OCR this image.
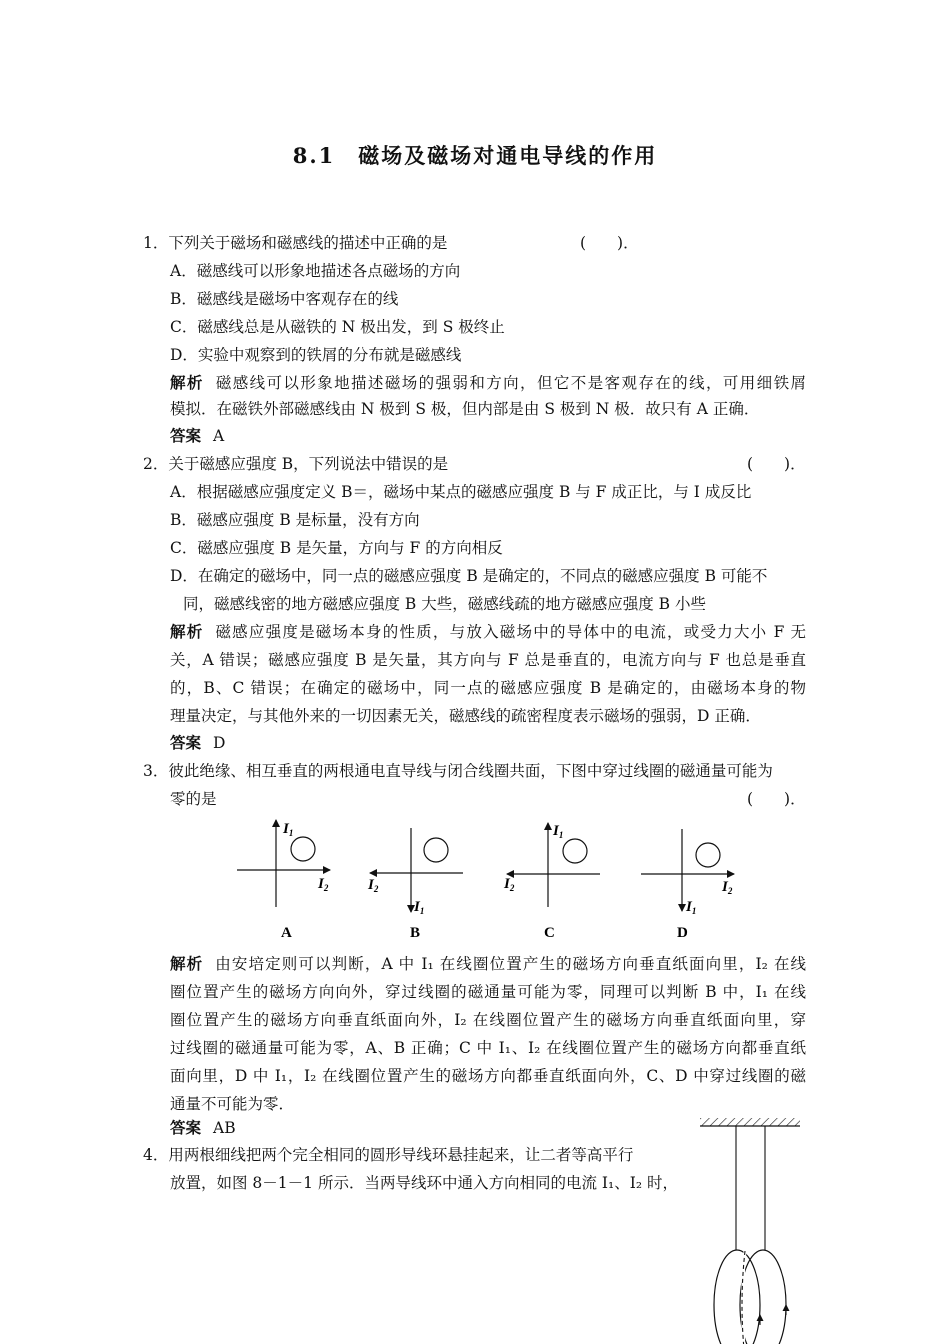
8.1　磁场及磁场对通电导线的作用
1．下列关于磁场和磁感线的描述中正确的是	(　　)．
A．磁感线可以形象地描述各点磁场的方向
B．磁感线是磁场中客观存在的线
C．磁感线总是从磁铁的 N 极出发，到 S 极终止
D．实验中观察到的铁屑的分布就是磁感线
解析 磁感线可以形象地描述磁场的强弱和方向，但它不是客观存在的线，可用细铁屑
模拟．在磁铁外部磁感线由 N 极到 S 极，但内部是由 S 极到 N 极．故只有 A 正确．
答案 A
2．关于磁感应强度 B，下列说法中错误的是	(　　)．
A．根据磁感应强度定义 B＝，磁场中某点的磁感应强度 B 与 F 成正比，与 I 成反比
B．磁感应强度 B 是标量，没有方向
C．磁感应强度 B 是矢量，方向与 F 的方向相反
D．在确定的磁场中，同一点的磁感应强度 B 是确定的，不同点的磁感应强度 B 可能不
同，磁感线密的地方磁感应强度 B 大些，磁感线疏的地方磁感应强度 B 小些
解析 磁感应强度是磁场本身的性质，与放入磁场中的导体中的电流，或受力大小 F 无
关，A 错误；磁感应强度 B 是矢量，其方向与 F 总是垂直的，电流方向与 F 也总是垂直
的，B、C 错误；在确定的磁场中，同一点的磁感应强度 B 是确定的，由磁场本身的物
理量决定，与其他外来的一切因素无关，磁感线的疏密程度表示磁场的强弱，D 正确．
答案 D
3．彼此绝缘、相互垂直的两根通电直导线与闭合线圈共面，下图中穿过线圈的磁通量可能为
零的是	(　　)．
$I_1$
$I_2$
A
$I_2$
$I_1$
B
$I_1$
$I_2$
C
$I_2$
$I_1$
D
解析 由安培定则可以判断，A 中 I₁ 在线圈位置产生的磁场方向垂直纸面向里，I₂ 在线
圈位置产生的磁场方向向外，穿过线圈的磁通量可能为零，同理可以判断 B 中，I₁ 在线
圈位置产生的磁场方向垂直纸面向外，I₂ 在线圈位置产生的磁场方向垂直纸面向里，穿
过线圈的磁通量可能为零，A、B 正确；C 中 I₁、I₂ 在线圈位置产生的磁场方向都垂直纸
面向里，D 中 I₁，I₂ 在线圈位置产生的磁场方向都垂直纸面向外，C、D 中穿过线圈的磁
通量不可能为零．
答案 AB
4．用两根细线把两个完全相同的圆形导线环悬挂起来，让二者等高平行
放置，如图 8－1－1 所示．当两导线环中通入方向相同的电流 I₁、I₂ 时，
